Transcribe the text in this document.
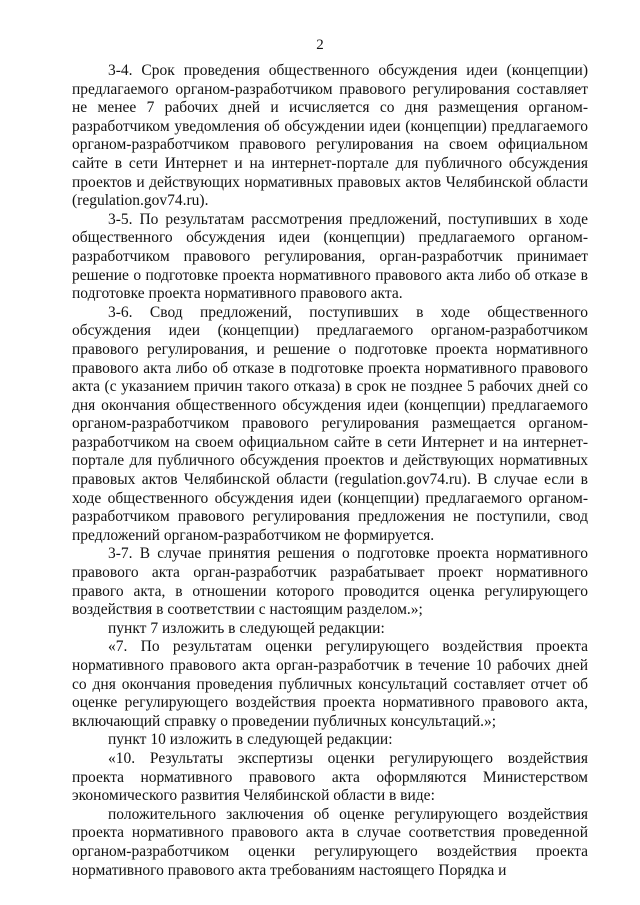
2

3-4. Срок проведения общественного обсуждения идеи (концепции) предлагаемого органом-разработчиком правового регулирования составляет не менее 7 рабочих дней и исчисляется со дня размещения органом-разработчиком уведомления об обсуждении идеи (концепции) предлагаемого органом-разработчиком правового регулирования на своем официальном сайте в сети Интернет и на интернет-портале для публичного обсуждения проектов и действующих нормативных правовых актов Челябинской области (regulation.gov74.ru).

3-5. По результатам рассмотрения предложений, поступивших в ходе общественного обсуждения идеи (концепции) предлагаемого органом-разработчиком правового регулирования, орган-разработчик принимает решение о подготовке проекта нормативного правового акта либо об отказе в подготовке проекта нормативного правового акта.

3-6. Свод предложений, поступивших в ходе общественного обсуждения идеи (концепции) предлагаемого органом-разработчиком правового регулирования, и решение о подготовке проекта нормативного правового акта либо об отказе в подготовке проекта нормативного правового акта (с указанием причин такого отказа) в срок не позднее 5 рабочих дней со дня окончания общественного обсуждения идеи (концепции) предлагаемого органом-разработчиком правового регулирования размещается органом-разработчиком на своем официальном сайте в сети Интернет и на интернет-портале для публичного обсуждения проектов и действующих нормативных правовых актов Челябинской области (regulation.gov74.ru). В случае если в ходе общественного обсуждения идеи (концепции) предлагаемого органом-разработчиком правового регулирования предложения не поступили, свод предложений органом-разработчиком не формируется.

3-7. В случае принятия решения о подготовке проекта нормативного правового акта орган-разработчик разрабатывает проект нормативного правого акта, в отношении которого проводится оценка регулирующего воздействия в соответствии с настоящим разделом.»;

пункт 7 изложить в следующей редакции:

«7. По результатам оценки регулирующего воздействия проекта нормативного правового акта орган-разработчик в течение 10 рабочих дней со дня окончания проведения публичных консультаций составляет отчет об оценке регулирующего воздействия проекта нормативного правового акта, включающий справку о проведении публичных консультаций.»;

пункт 10 изложить в следующей редакции:

«10. Результаты экспертизы оценки регулирующего воздействия проекта нормативного правового акта оформляются Министерством экономического развития Челябинской области в виде:

положительного заключения об оценке регулирующего воздействия проекта нормативного правового акта в случае соответствия проведенной органом-разработчиком оценки регулирующего воздействия проекта нормативного правового акта требованиям настоящего Порядка и
